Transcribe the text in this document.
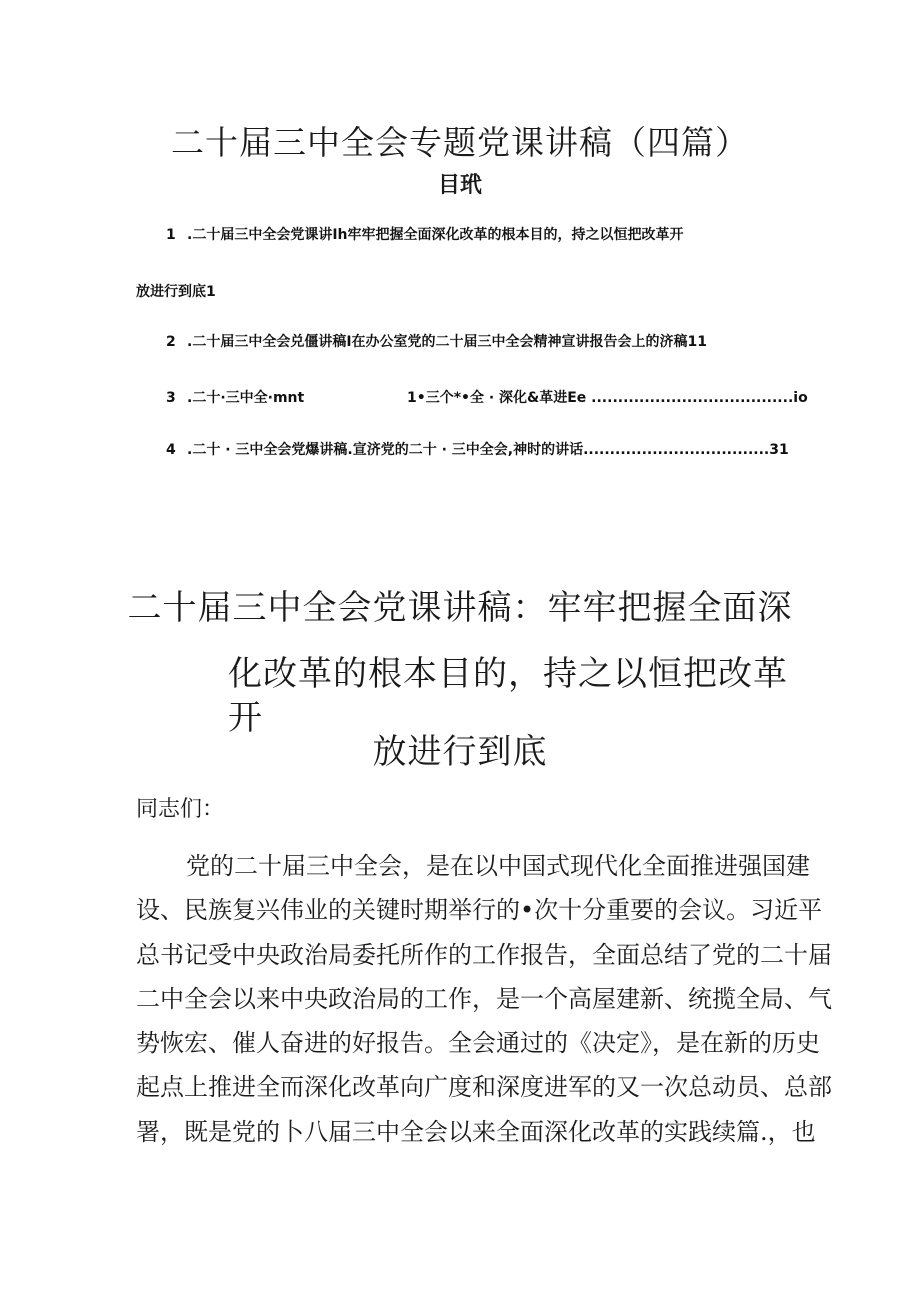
二十届三中全会专题党课讲稿（四篇）
目玳
1 .二十届三中全会党课讲Ih牢牢把握全面深化改革的根本目的，持之以恒把改革开
放进行到底1
2 .二十届三中全会兑僵讲稿I在办公室党的二十届三中全会精神宣讲报告会上的济稿11
3 .二十·三中全·mnt	1•三个*•全 · 深化&革进Ee ......................................io
4 .二十 · 三中全会党爆讲稿.宣济党的二十 · 三中全会,神时的讲话...................................31
二十届三中全会党课讲稿：牢牢把握全面深
化改革的根本目的，持之以恒把改革开
放进行到底

同志们：

党的二十届三中全会，是在以中国式现代化全面推进强国建
设、民族复兴伟业的关键时期举行的•次十分重要的会议。习近平
总书记受中央政治局委托所作的工作报告，全面总结了党的二十届
二中全会以来中央政治局的工作，是一个高屋建新、统揽全局、气
势恢宏、催人奋进的好报告。全会通过的《决定》，是在新的历史
起点上推进全而深化改革向广度和深度进军的又一次总动员、总部
署，既是党的卜八届三中全会以来全面深化改革的实践续篇.，也
